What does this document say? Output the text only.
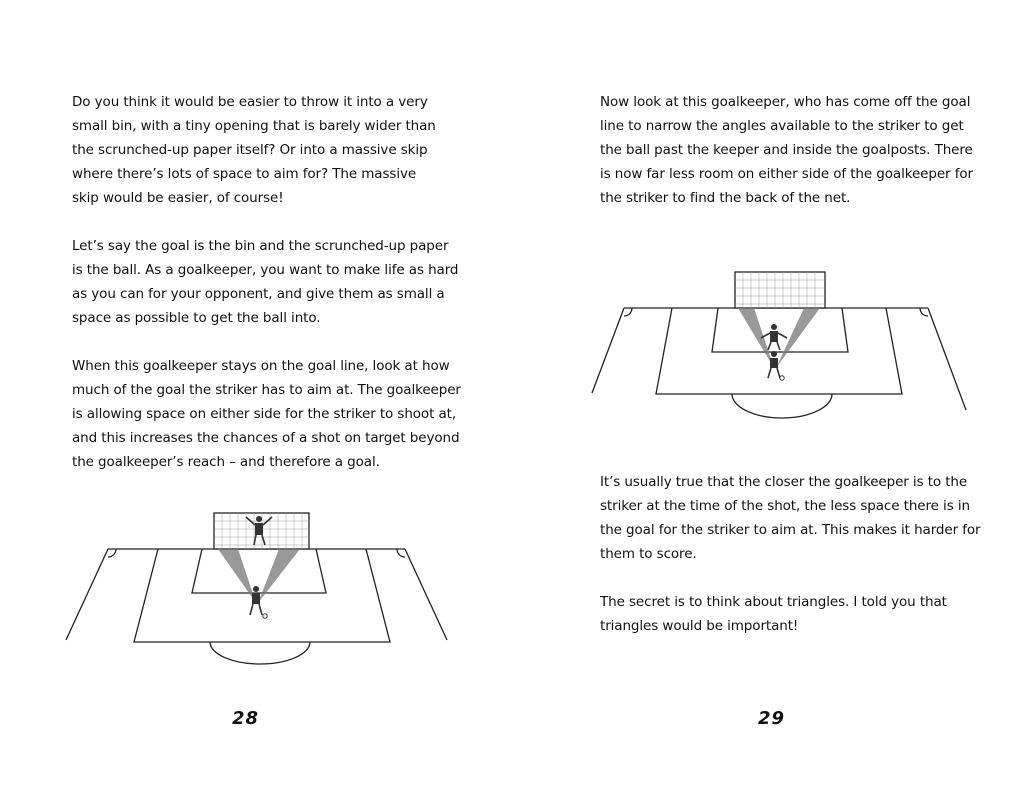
Do you think it would be easier to throw it into a very
small bin, with a tiny opening that is barely wider than
the scrunched-up paper itself? Or into a massive skip
where there’s lots of space to aim for? The massive
skip would be easier, of course!
Let’s say the goal is the bin and the scrunched-up paper
is the ball. As a goalkeeper, you want to make life as hard
as you can for your opponent, and give them as small a
space as possible to get the ball into.
When this goalkeeper stays on the goal line, look at how
much of the goal the striker has to aim at. The goalkeeper
is allowing space on either side for the striker to shoot at,
and this increases the chances of a shot on target beyond
the goalkeeper’s reach – and therefore a goal.
28
Now look at this goalkeeper, who has come off the goal
line to narrow the angles available to the striker to get
the ball past the keeper and inside the goalposts. There
is now far less room on either side of the goalkeeper for
the striker to find the back of the net.
It’s usually true that the closer the goalkeeper is to the
striker at the time of the shot, the less space there is in
the goal for the striker to aim at. This makes it harder for
them to score.
The secret is to think about triangles. I told you that
triangles would be important!
29
